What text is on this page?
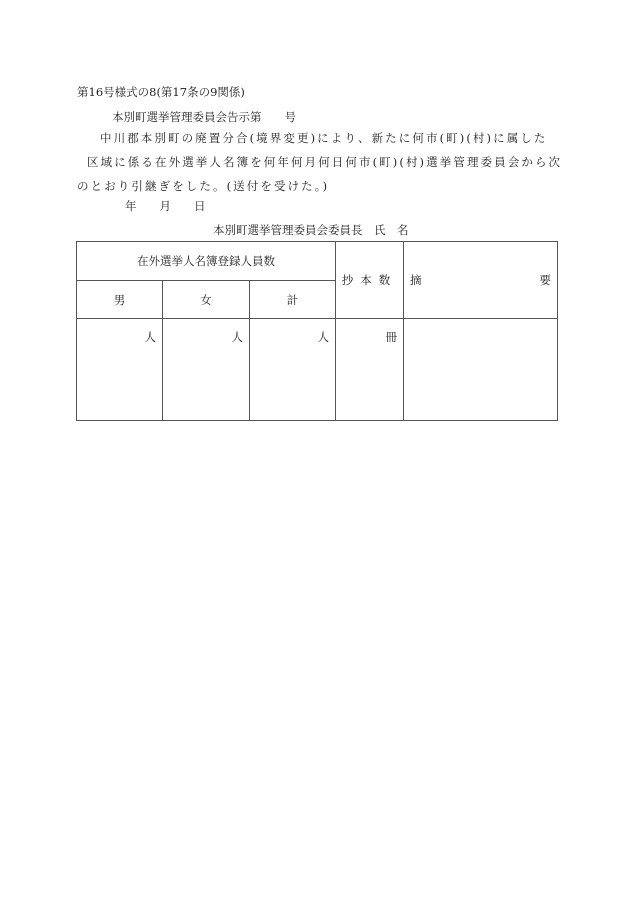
第16号様式の8(第17条の9関係)
本別町選挙管理委員会告示第　　号
中川郡本別町の廃置分合(境界変更)により、新たに何市(町)(村)に属した
区域に係る在外選挙人名簿を何年何月何日何市(町)(村)選挙管理委員会から次
のとおり引継ぎをした。(送付を受けた。)
年　　月　　日
本別町選挙管理委員会委員長　氏　名
在外選挙人名簿登録人員数			抄本数	摘 要

男	女	計		
人	人	人	冊	
